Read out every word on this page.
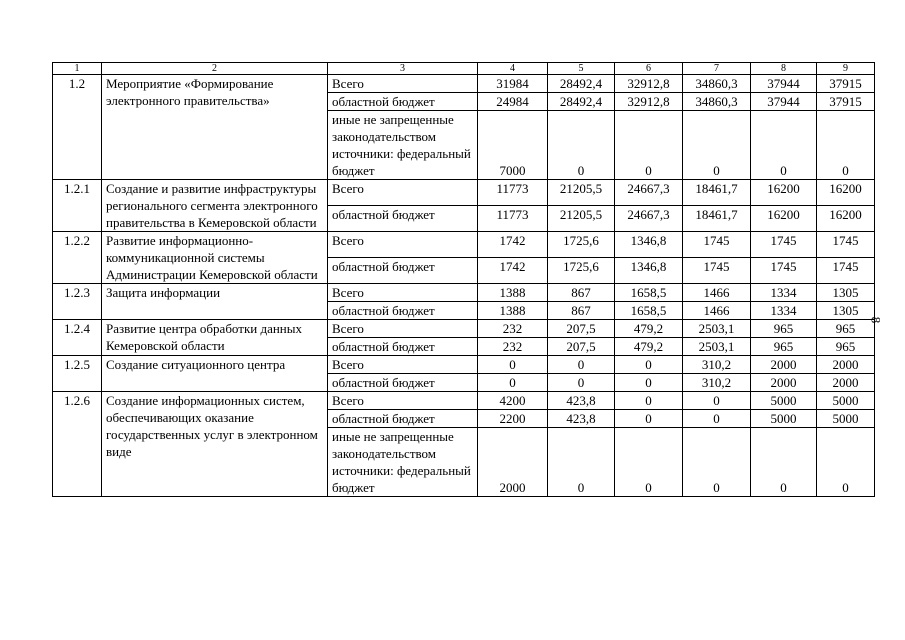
1	2	3	4	5	6	7	8	9
1.2	Мероприятие «Формирование электронного правительства»	Всего	31984	28492,4	32912,8	34860,3	37944	37915
		областной бюджет	24984	28492,4	32912,8	34860,3	37944	37915
		иные не запрещенные законодательством источники: федеральный бюджет	7000	0	0	0	0	0
1.2.1	Создание и развитие инфраструктуры регионального сегмента электронного правительства в Кемеровской области	Всего	11773	21205,5	24667,3	18461,7	16200	16200
		областной бюджет	11773	21205,5	24667,3	18461,7	16200	16200
1.2.2	Развитие информационно-коммуникационной системы Администрации Кемеровской области	Всего	1742	1725,6	1346,8	1745	1745	1745
		областной бюджет	1742	1725,6	1346,8	1745	1745	1745
1.2.3	Защита информации	Всего	1388	867	1658,5	1466	1334	1305
		областной бюджет	1388	867	1658,5	1466	1334	1305
1.2.4	Развитие центра обработки данных Кемеровской области	Всего	232	207,5	479,2	2503,1	965	965
		областной бюджет	232	207,5	479,2	2503,1	965	965
1.2.5	Создание ситуационного центра	Всего	0	0	0	310,2	2000	2000
		областной бюджет	0	0	0	310,2	2000	2000
1.2.6	Создание информационных систем, обеспечивающих оказание государственных услуг в электронном виде	Всего	4200	423,8	0	0	5000	5000
		областной бюджет	2200	423,8	0	0	5000	5000
		иные не запрещенные законодательством источники: федеральный бюджет	2000	0	0	0	0	0
8
